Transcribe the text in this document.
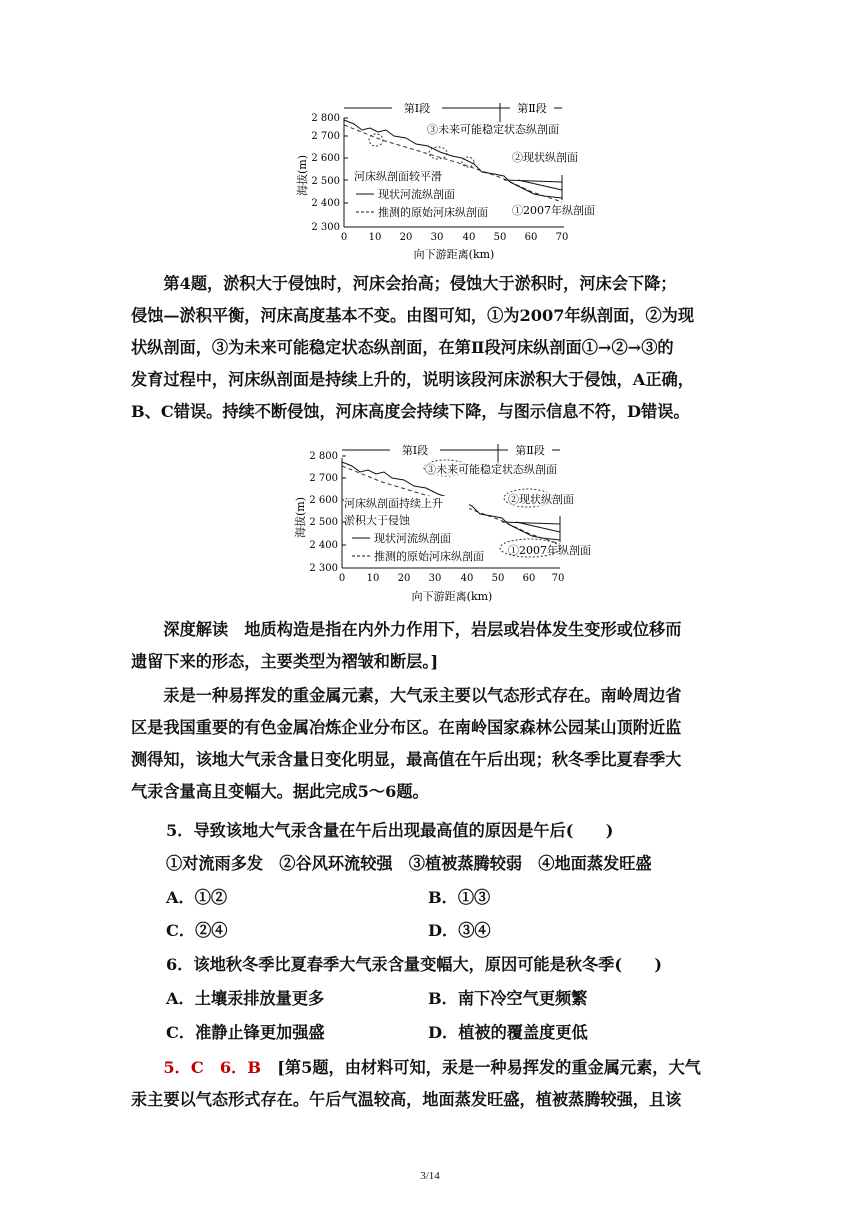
2 800
2 700
2 600
2 500
2 400
2 300
0 10 20 30 40 50 60 70
向下游距离(km)
海拔(m)
第Ⅰ段	第Ⅱ段
③未来可能稳定状态纵剖面
②现状纵剖面
河床纵剖面较平滑
现状河流纵剖面
推测的原始河床纵剖面 ①2007年纵剖面
第4题，淤积大于侵蚀时，河床会抬高；侵蚀大于淤积时，河床会下降；
侵蚀—淤积平衡，河床高度基本不变。由图可知，①为2007年纵剖面，②为现
状纵剖面，③为未来可能稳定状态纵剖面，在第Ⅱ段河床纵剖面①→②→③的
发育过程中，河床纵剖面是持续上升的，说明该段河床淤积大于侵蚀，A正确，
B、C错误。持续不断侵蚀，河床高度会持续下降，与图示信息不符，D错误。
2 800
2 700
2 600
2 500
2 400
2 300
0 10 20 30 40 50 60 70
向下游距离(km)
海拔(m)
第Ⅰ段	第Ⅱ段
③未来可能稳定状态纵剖面
②现状纵剖面
河床纵剖面持续上升
淤积大于侵蚀
现状河流纵剖面
推测的原始河床纵剖面 ①2007年纵剖面
深度解读　地质构造是指在内外力作用下，岩层或岩体发生变形或位移而
遗留下来的形态，主要类型为褶皱和断层。]
汞是一种易挥发的重金属元素，大气汞主要以气态形式存在。南岭周边省
区是我国重要的有色金属冶炼企业分布区。在南岭国家森林公园某山顶附近监
测得知，该地大气汞含量日变化明显，最高值在午后出现；秋冬季比夏春季大
气汞含量高且变幅大。据此完成5～6题。
5．导致该地大气汞含量在午后出现最高值的原因是午后(　　)
①对流雨多发　②谷风环流较强　③植被蒸腾较弱　④地面蒸发旺盛
A．①②	B．①③
C．②④	D．③④
6．该地秋冬季比夏春季大气汞含量变幅大，原因可能是秋冬季(　　)
A．土壤汞排放量更多	B．南下冷空气更频繁
C．准静止锋更加强盛	D．植被的覆盖度更低
5．C　6．B　[第5题，由材料可知，汞是一种易挥发的重金属元素，大气
汞主要以气态形式存在。午后气温较高，地面蒸发旺盛，植被蒸腾较强，且该
3/14
